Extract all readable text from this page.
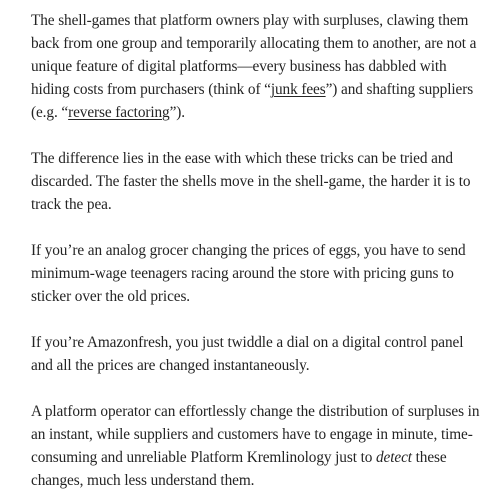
The shell-games that platform owners play with surpluses, clawing them back from one group and temporarily allocating them to another, are not a unique feature of digital platforms—every business has dabbled with hiding costs from purchasers (think of “junk fees”) and shafting suppliers (e.g. “reverse factoring”).

The difference lies in the ease with which these tricks can be tried and discarded. The faster the shells move in the shell-game, the harder it is to track the pea.

If you’re an analog grocer changing the prices of eggs, you have to send minimum-wage teenagers racing around the store with pricing guns to sticker over the old prices.

If you’re Amazonfresh, you just twiddle a dial on a digital control panel and all the prices are changed instantaneously.

A platform operator can effortlessly change the distribution of surpluses in an instant, while suppliers and customers have to engage in minute, time-consuming and unreliable Platform Kremlinology just to detect these changes, much less understand them.
